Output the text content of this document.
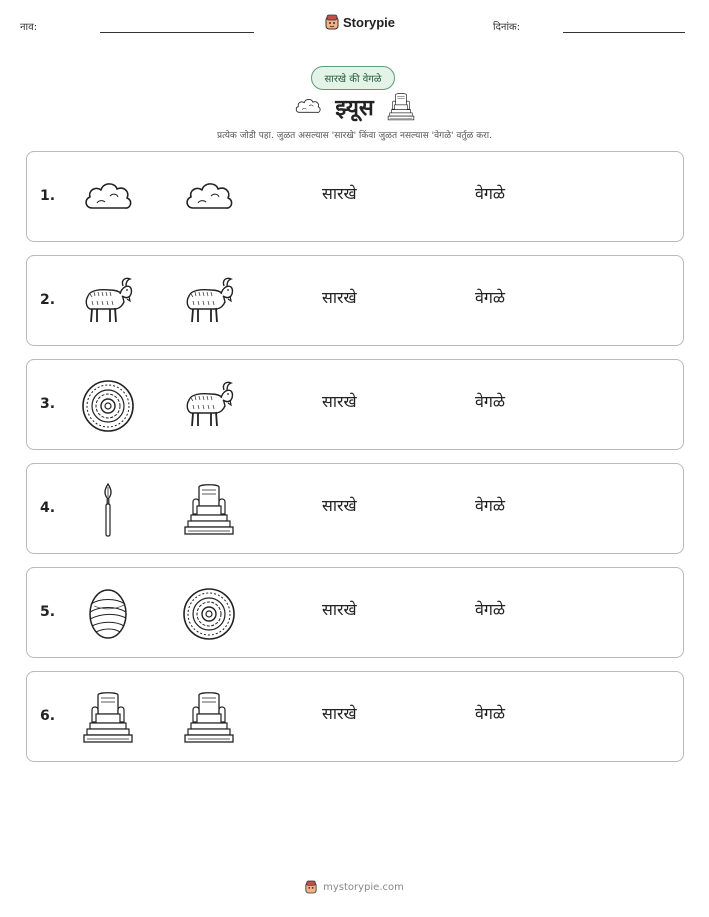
नाव:	Storypie	दिनांक:
सारखे की वेगळे
झ्यूस
प्रत्येक जोडी पहा. जुळत असल्यास 'सारखे' किंवा जुळत नसल्यास 'वेगळे' वर्तुळ करा.
1.	सारखे	वेगळे
2.	सारखे	वेगळे
3.	सारखे	वेगळे
4.	सारखे	वेगळे
5.	सारखे	वेगळे
6.	सारखे	वेगळे
mystorypie.com
